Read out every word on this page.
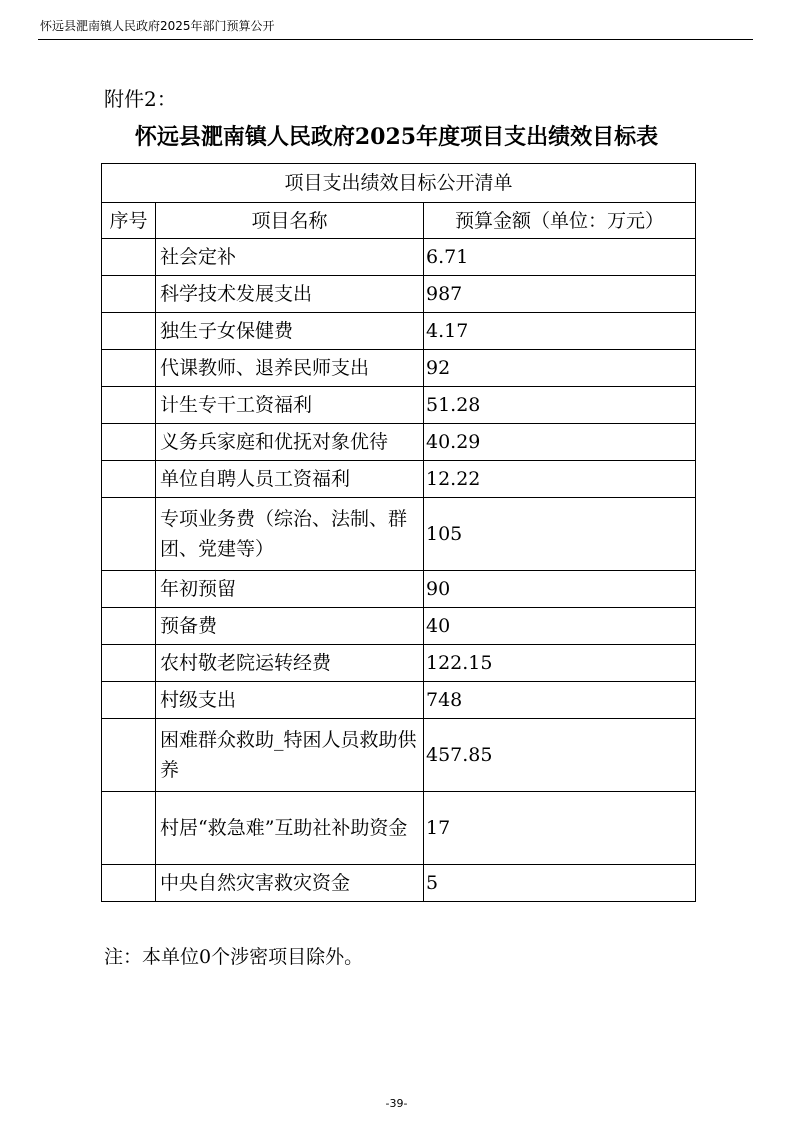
怀远县淝南镇人民政府2025年部门预算公开
附件2：
怀远县淝南镇人民政府2025年度项目支出绩效目标表
项目支出绩效目标公开清单		
序号	项目名称	预算金额（单位：万元）
	社会定补	6.71
	科学技术发展支出	987
	独生子女保健费	4.17
	代课教师、退养民师支出	92
	计生专干工资福利	51.28
	义务兵家庭和优抚对象优待	40.29
	单位自聘人员工资福利	12.22
	专项业务费（综治、法制、群团、党建等）	105
	年初预留	90
	预备费	40
	农村敬老院运转经费	122.15
	村级支出	748
	困难群众救助_特困人员救助供养	457.85
	村居“救急难”互助社补助资金	17
	中央自然灾害救灾资金	5
注：本单位0个涉密项目除外。
-39-
